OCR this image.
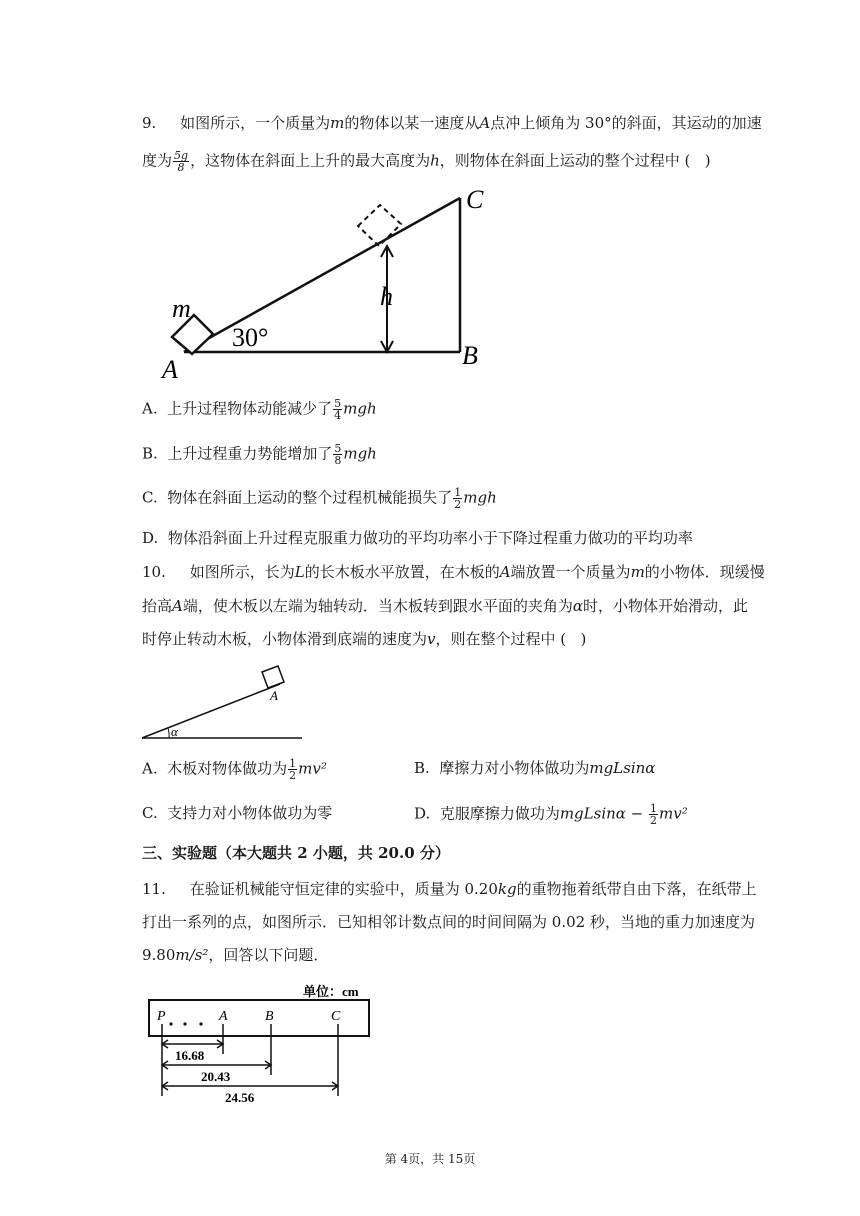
9. 如图所示，一个质量为m的物体以某一速度从A点冲上倾角为 30°的斜面，其运动的加速
度为 $\frac{5g}{8}$ ，这物体在斜面上上升的最大高度为h，则物体在斜面上运动的整个过程中 ( )
C
B
A
m	h
30°
A. 上升过程物体动能减少了 $\frac{5}{4}$ mgh
B. 上升过程重力势能增加了 $\frac{5}{8}$ mgh
C. 物体在斜面上运动的整个过程机械能损失了 $\frac{1}{2}$ mgh
D. 物体沿斜面上升过程克服重力做功的平均功率小于下降过程重力做功的平均功率
10. 如图所示，长为L的长木板水平放置，在木板的A端放置一个质量为m的小物体．现缓慢
抬高A端，使木板以左端为轴转动．当木板转到跟水平面的夹角为α时，小物体开始滑动，此
时停止转动木板，小物体滑到底端的速度为v，则在整个过程中 ( )
A
α
A. 木板对物体做功为 $\frac{1}{2} mv^2$	B. 摩擦力对小物体做功为mgLsinα
C. 支持力对小物体做功为零	D. 克服摩擦力做功为$mgLsin\alpha - \frac{1}{2} mv^2$
三、实验题（本大题共 2 小题，共 20.0 分）
11. 在验证机械能守恒定律的实验中，质量为 0.20kg的重物拖着纸带自由下落，在纸带上
打出一系列的点，如图所示．已知相邻计数点间的时间间隔为 0.02 秒，当地的重力加速度为
9.80m/s²，回答以下问题．
单位：cm
P	A	B	C
16.68
20.43
24.56
第 4页，共 15页
